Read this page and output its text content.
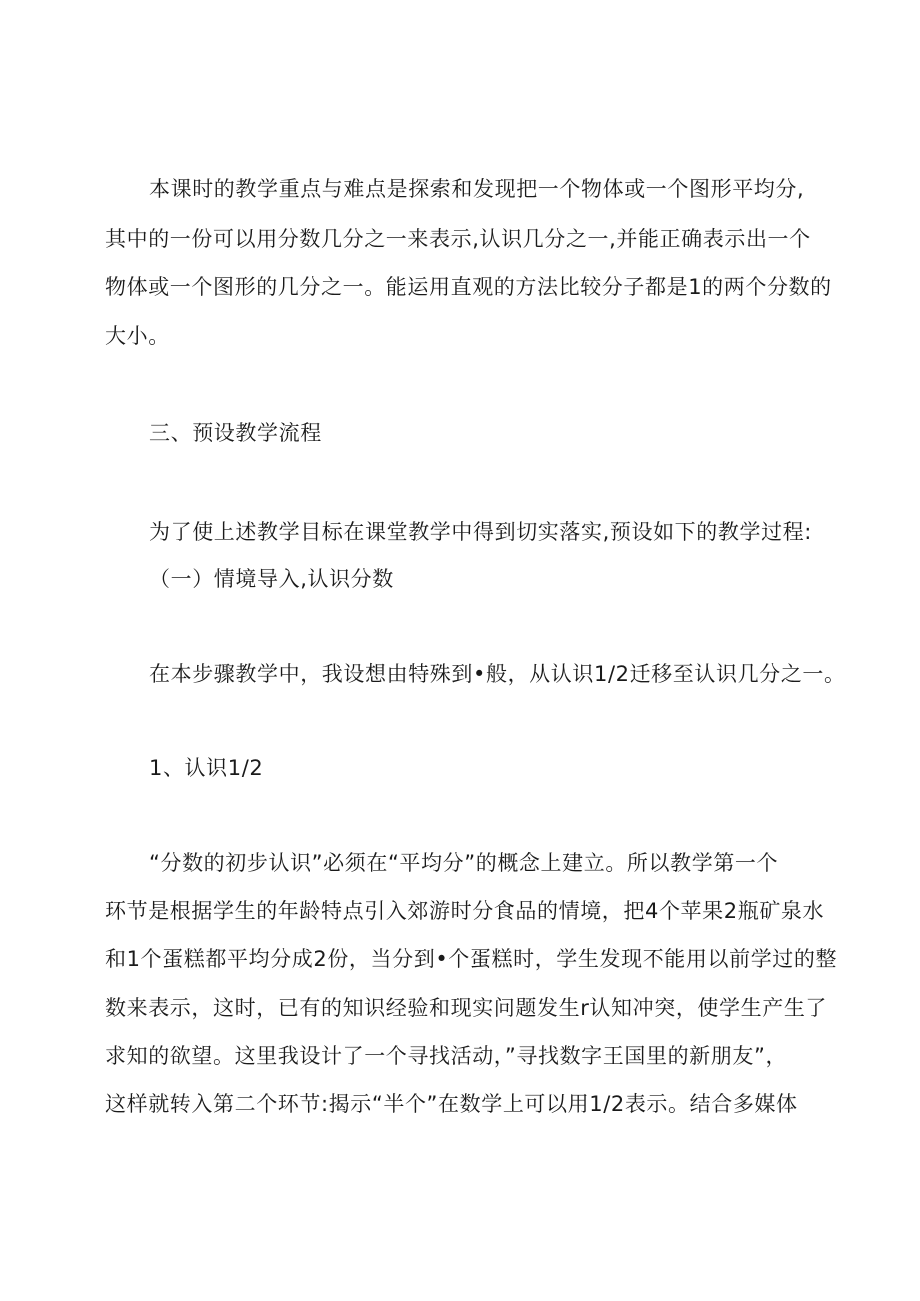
本课时的教学重点与难点是探索和发现把一个物体或一个图形平均分,
其中的一份可以用分数几分之一来表示,认识几分之一,并能正确表示出一个
物体或一个图形的几分之一。能运用直观的方法比较分子都是1的两个分数的
大小。
三、预设教学流程
为了使上述教学目标在课堂教学中得到切实落实,预设如下的教学过程:
（一）情境导入,认识分数
在本步骤教学中，我设想由特殊到•般，从认识1/2迁移至认识几分之一。
1、认识1/2
“分数的初步认识”必须在“平均分”的概念上建立。所以教学第一个
环节是根据学生的年龄特点引入郊游时分食品的情境，把4个苹果2瓶矿泉水
和1个蛋糕都平均分成2份，当分到•个蛋糕时，学生发现不能用以前学过的整
数来表示，这时，已有的知识经验和现实问题发生r认知冲突，使学生产生了
求知的欲望。这里我设计了一个寻找活动，”寻找数字王国里的新朋友”，
这样就转入第二个环节:揭示“半个”在数学上可以用1/2表示。结合多媒体
